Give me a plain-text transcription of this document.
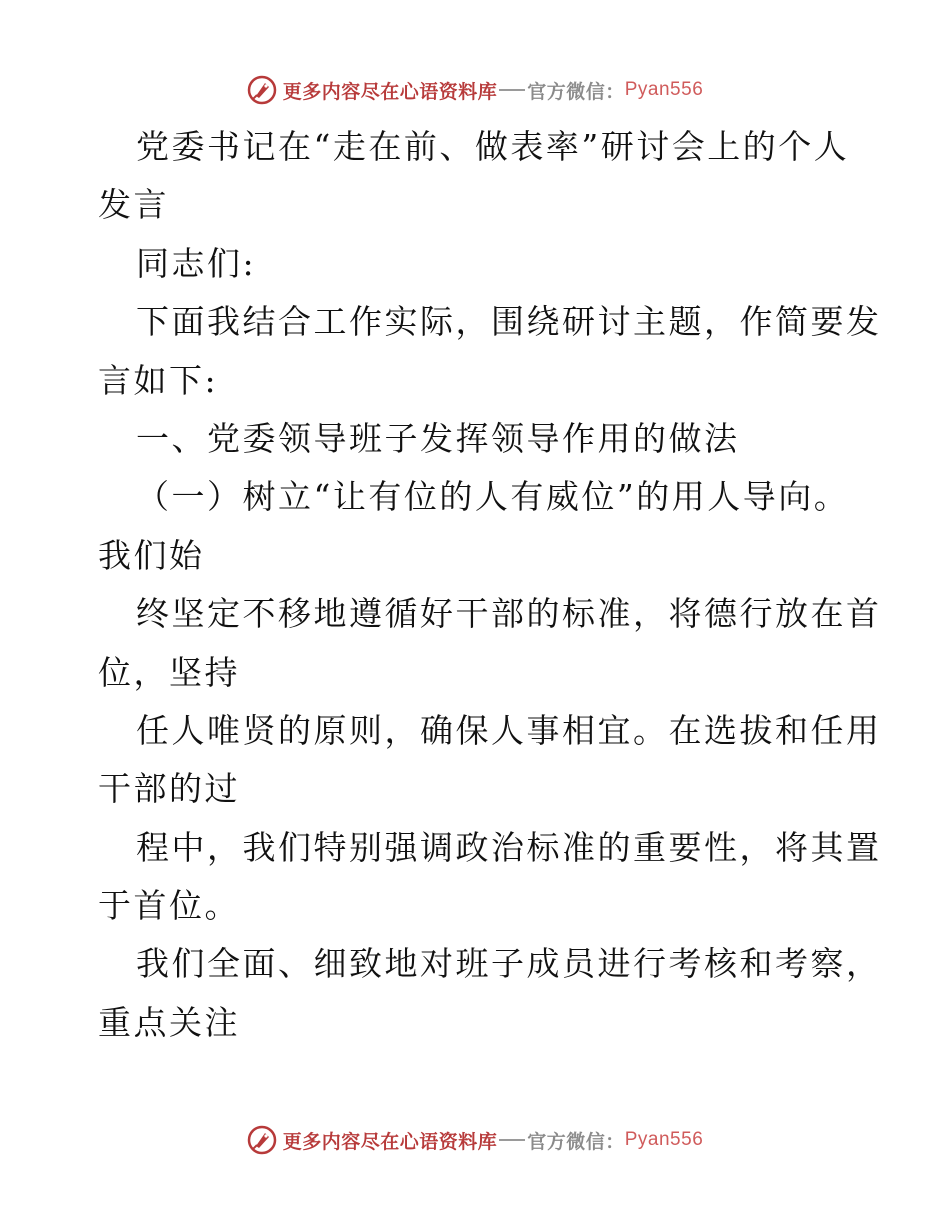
更多内容尽在心语资料库 官方微信： Pyan556
党委书记在“走在前、做表率”研讨会上的个人
发言
同志们:
下面我结合工作实际，围绕研讨主题，作简要发
言如下:
一、党委领导班子发挥领导作用的做法
（一）树立“让有位的人有威位”的用人导向。
我们始
终坚定不移地遵循好干部的标准，将德行放在首
位，坚持
任人唯贤的原则，确保人事相宜。在选拔和任用
干部的过
程中，我们特别强调政治标准的重要性，将其置
于首位。
我们全面、细致地对班子成员进行考核和考察，
重点关注
更多内容尽在心语资料库 官方微信： Pyan556
